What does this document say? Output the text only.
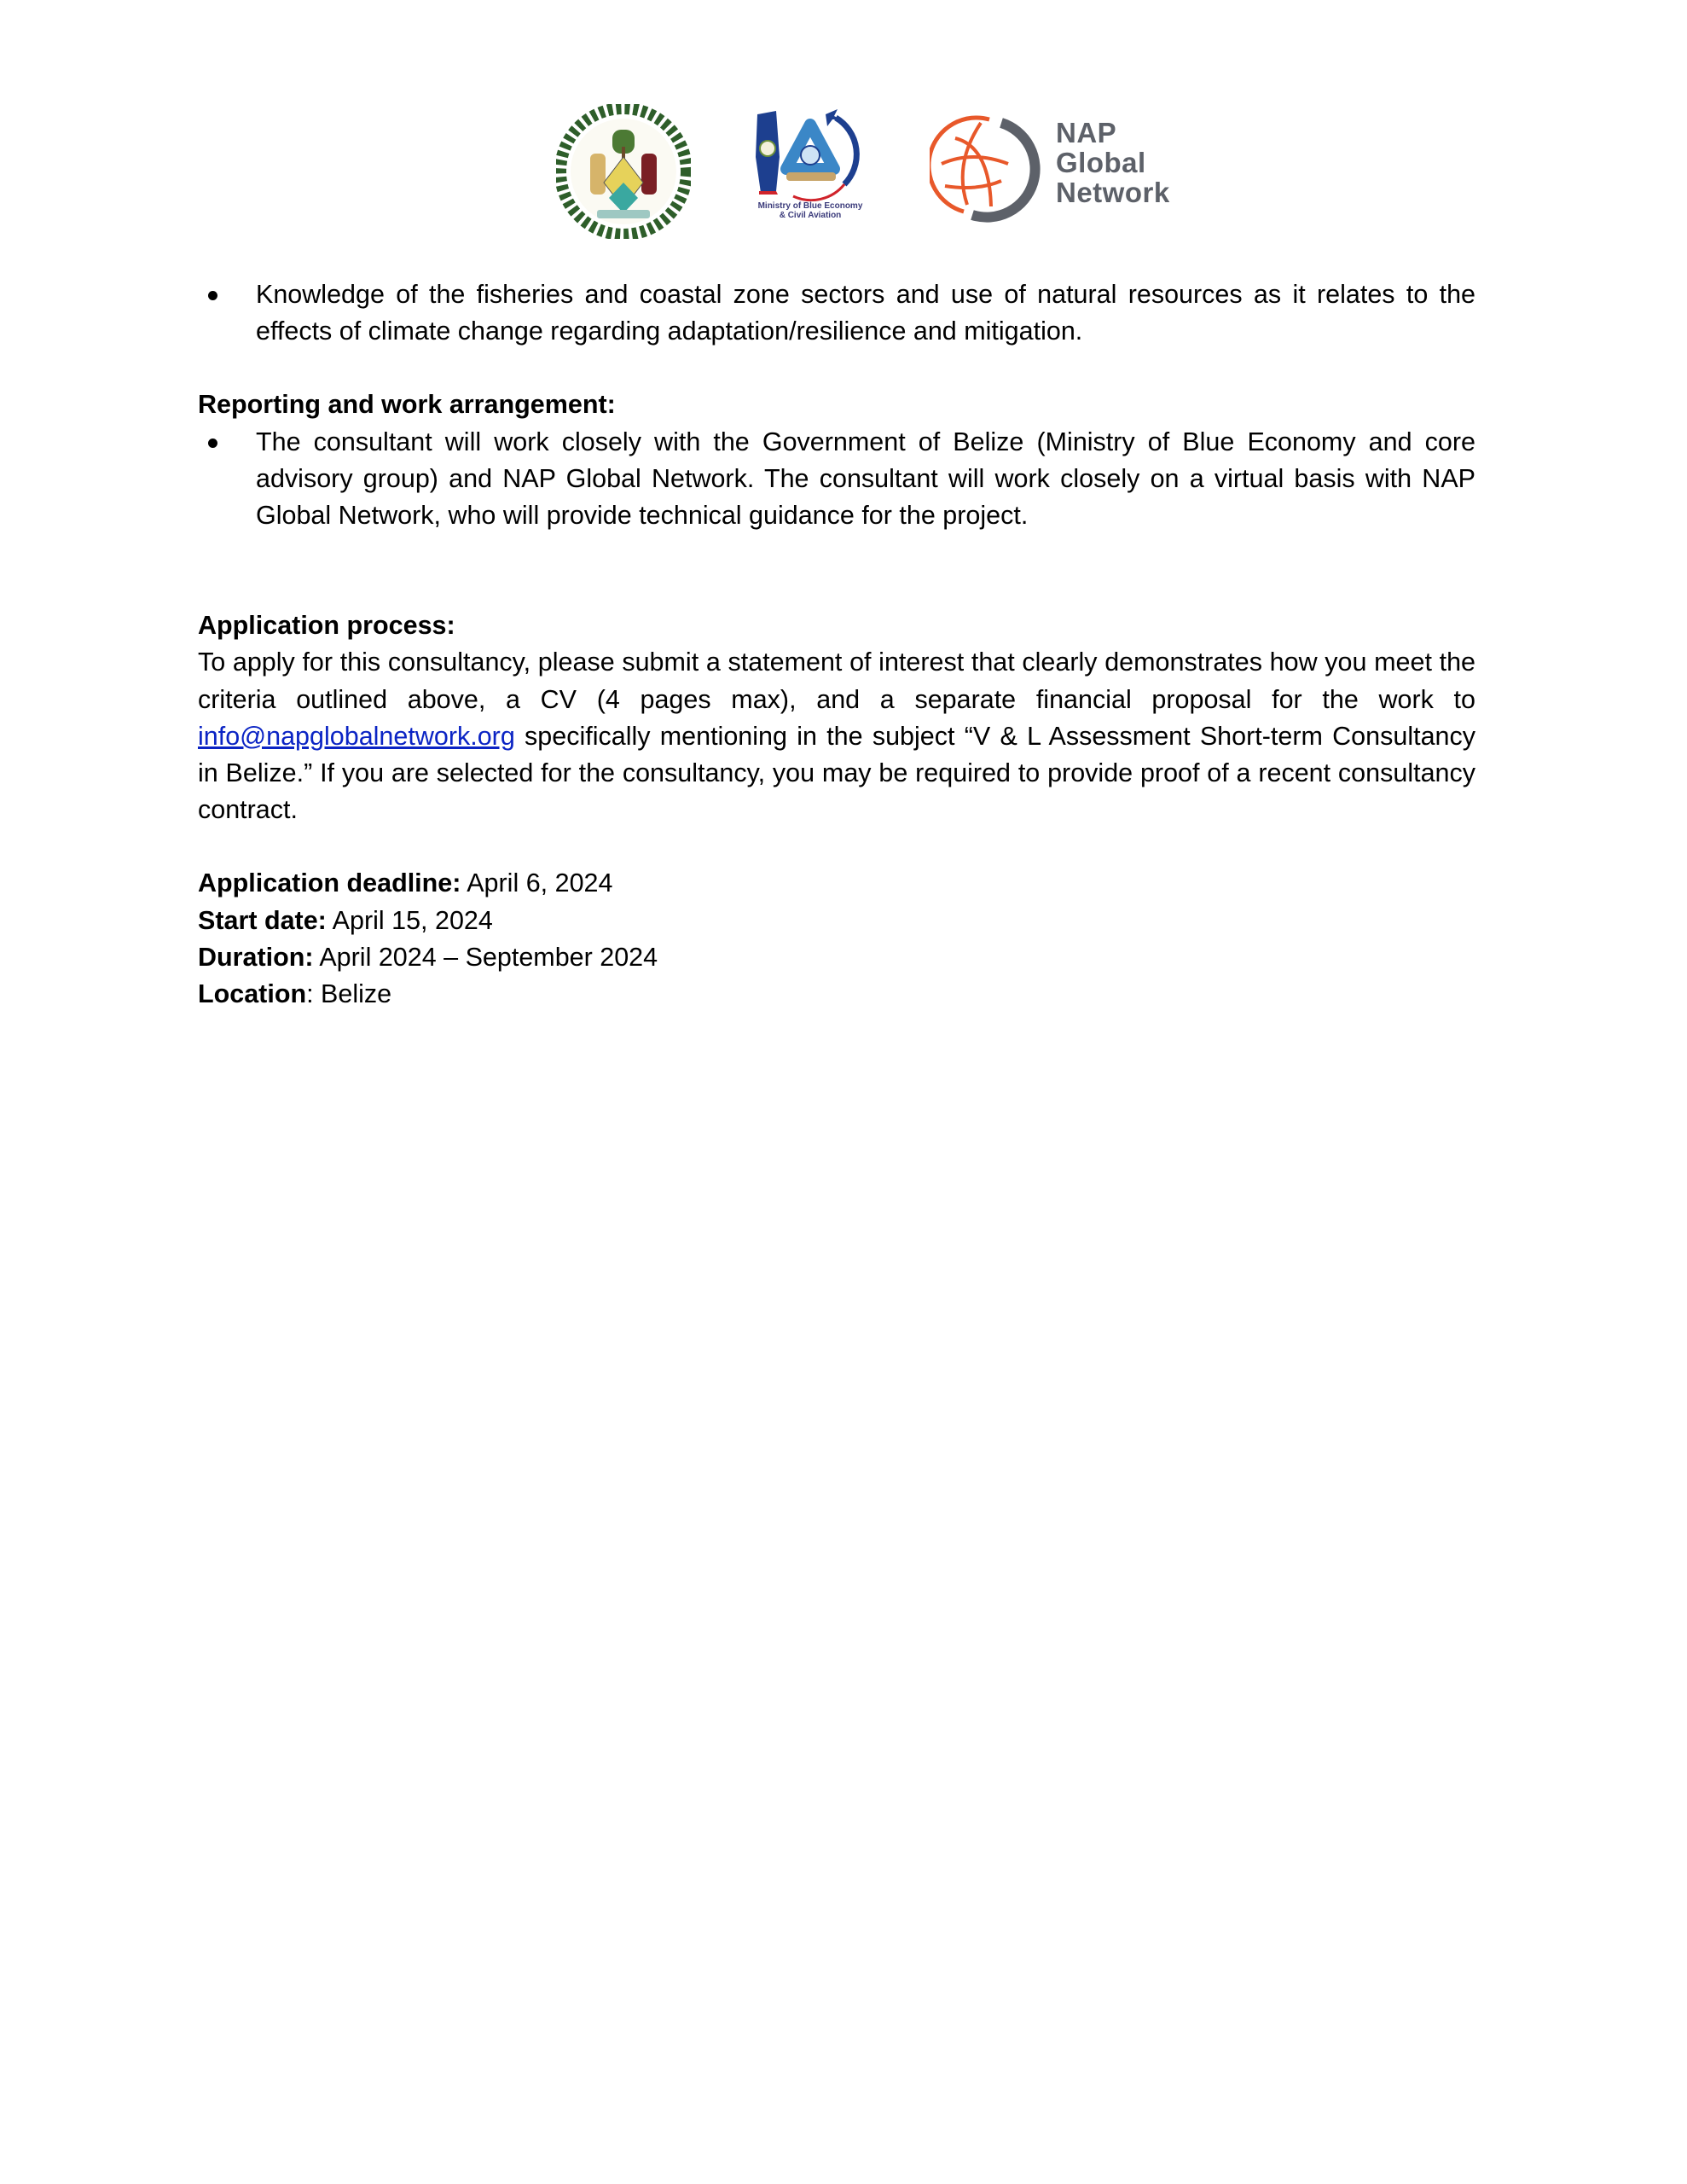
Ministry of Blue Economy
& Civil Aviation
NAP
Global
Network

Knowledge of the fisheries and coastal zone sectors and use of natural resources as it relates to the effects of climate change regarding adaptation/resilience and mitigation.

Reporting and work arrangement:

The consultant will work closely with the Government of Belize (Ministry of Blue Economy and core advisory group) and NAP Global Network. The consultant will work closely on a virtual basis with NAP Global Network, who will provide technical guidance for the project.

Application process:

To apply for this consultancy, please submit a statement of interest that clearly demonstrates how you meet the criteria outlined above, a CV (4 pages max), and a separate financial proposal for the work to info@napglobalnetwork.org specifically mentioning in the subject “V & L Assessment Short-term Consultancy in Belize.” If you are selected for the consultancy, you may be required to provide proof of a recent consultancy contract.

Application deadline: April 6, 2024

Start date: April 15, 2024

Duration: April 2024 – September 2024

Location: Belize
